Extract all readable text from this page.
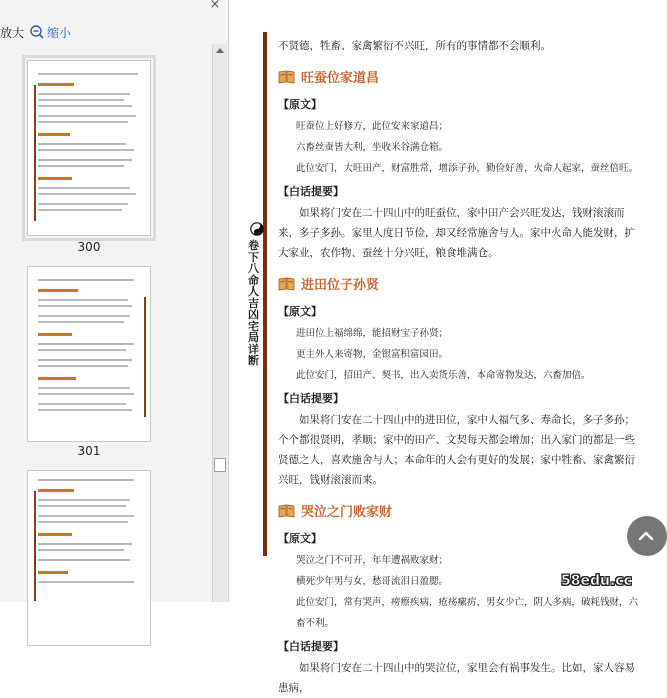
放大 缩小
×
300
301
卷下 八命人吉凶宅局详断
不贤德，牲畜、家禽繁衍不兴旺，所有的事情都不会顺利。
旺蚕位家道昌
【原文】
旺蚕位上好修方，此位安来家道昌；
六畜丝蚕皆大利，坐收米谷满仓箱。
此位安门，大旺田产，财富胜常，增添子孙，勤俭好善，火命人起家，蚕丝倍旺。
【白话提要】
如果将门安在二十四山中的旺蚕位，家中田产会兴旺发达，钱财滚滚而来，多子多孙。家里人度日节俭，却又经常施舍与人。家中火命人能发财，扩大家业，农作物、蚕丝十分兴旺，粮食堆满仓。
进田位子孙贤
【原文】
进田位上福绵绵，能招财宝子孙贤；
更主外人来寄物，金银富积富园田。
此位安门，招田产、契书，出入卖货乐善，本命寄物发达，六畜加倍。
【白话提要】
如果将门安在二十四山中的进田位，家中人福气多、寿命长，多子多孙；个个都很贤明，孝顺；家中的田产、文契每天都会增加；出入家门的都是一些贤德之人，喜欢施舍与人；本命年的人会有更好的发展；家中牲畜、家禽繁衍兴旺，钱财滚滚而来。
哭泣之门败家财
【原文】
哭泣之门不可开，年年遭祸败家财；
横死少年男与女，愁哥流泪日盈腮。
此位安门，常有哭声，痨瘵疾病，疮疡瘰疠，男女少亡，阴人多病，破耗钱财，六畜不利。
【白话提要】
如果将门安在二十四山中的哭泣位，家里会有祸事发生。比如，家人容易患病，
58edu.cc
